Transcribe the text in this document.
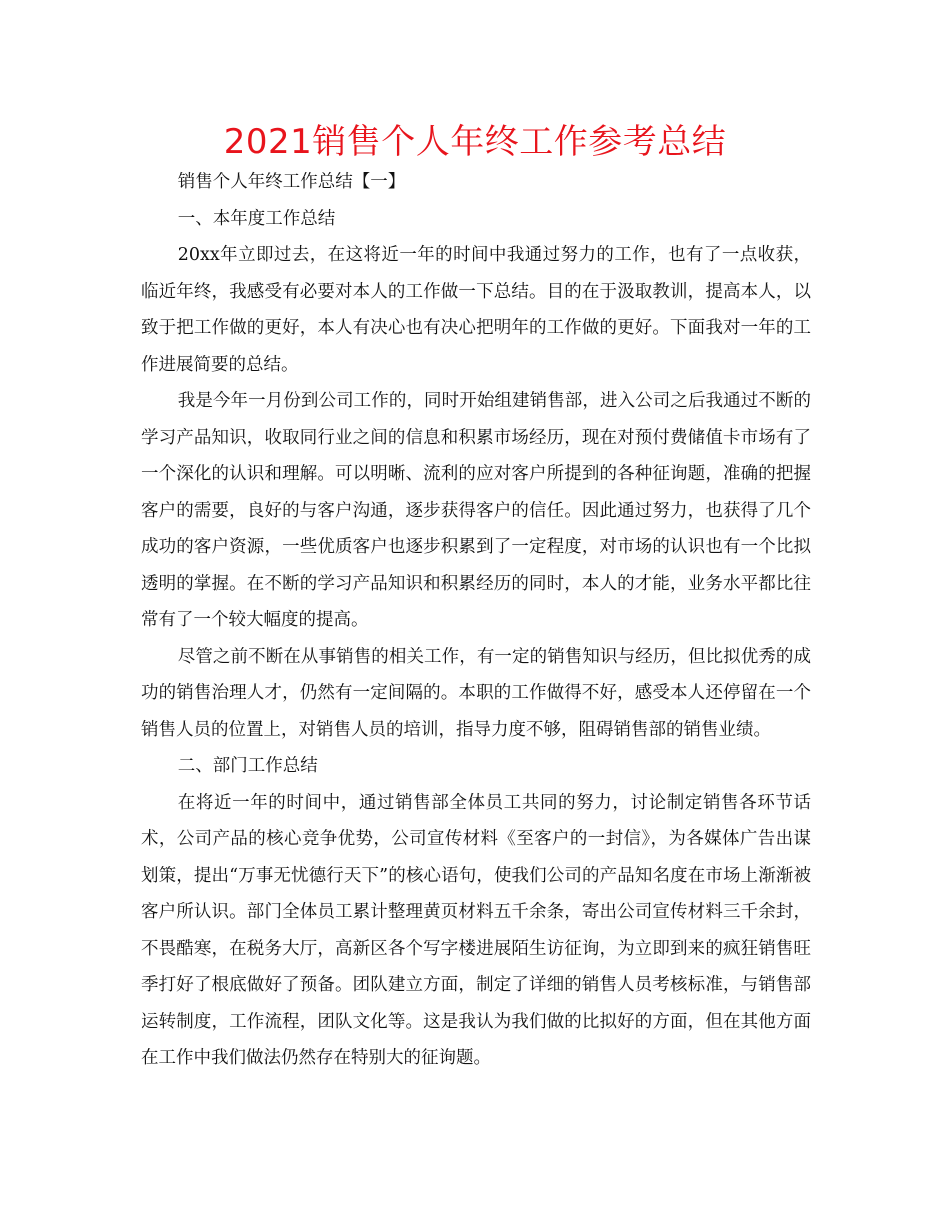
2021销售个人年终工作参考总结

销售个人年终工作总结【一】

一、本年度工作总结

20xx年立即过去，在这将近一年的时间中我通过努力的工作，也有了一点收获，临近年终，我感受有必要对本人的工作做一下总结。目的在于汲取教训，提高本人，以致于把工作做的更好，本人有决心也有决心把明年的工作做的更好。下面我对一年的工作进展简要的总结。

我是今年一月份到公司工作的，同时开始组建销售部，进入公司之后我通过不断的学习产品知识，收取同行业之间的信息和积累市场经历，现在对预付费储值卡市场有了一个深化的认识和理解。可以明晰、流利的应对客户所提到的各种征询题，准确的把握客户的需要，良好的与客户沟通，逐步获得客户的信任。因此通过努力，也获得了几个成功的客户资源，一些优质客户也逐步积累到了一定程度，对市场的认识也有一个比拟透明的掌握。在不断的学习产品知识和积累经历的同时，本人的才能，业务水平都比往常有了一个较大幅度的提高。

尽管之前不断在从事销售的相关工作，有一定的销售知识与经历，但比拟优秀的成功的销售治理人才，仍然有一定间隔的。本职的工作做得不好，感受本人还停留在一个销售人员的位置上，对销售人员的培训，指导力度不够，阻碍销售部的销售业绩。

二、部门工作总结

在将近一年的时间中，通过销售部全体员工共同的努力，讨论制定销售各环节话术，公司产品的核心竞争优势，公司宣传材料《至客户的一封信》，为各媒体广告出谋划策，提出“万事无忧德行天下”的核心语句，使我们公司的产品知名度在市场上渐渐被客户所认识。部门全体员工累计整理黄页材料五千余条，寄出公司宣传材料三千余封，不畏酷寒，在税务大厅，高新区各个写字楼进展陌生访征询，为立即到来的疯狂销售旺季打好了根底做好了预备。团队建立方面，制定了详细的销售人员考核标准，与销售部运转制度，工作流程，团队文化等。这是我认为我们做的比拟好的方面，但在其他方面在工作中我们做法仍然存在特别大的征询题。
